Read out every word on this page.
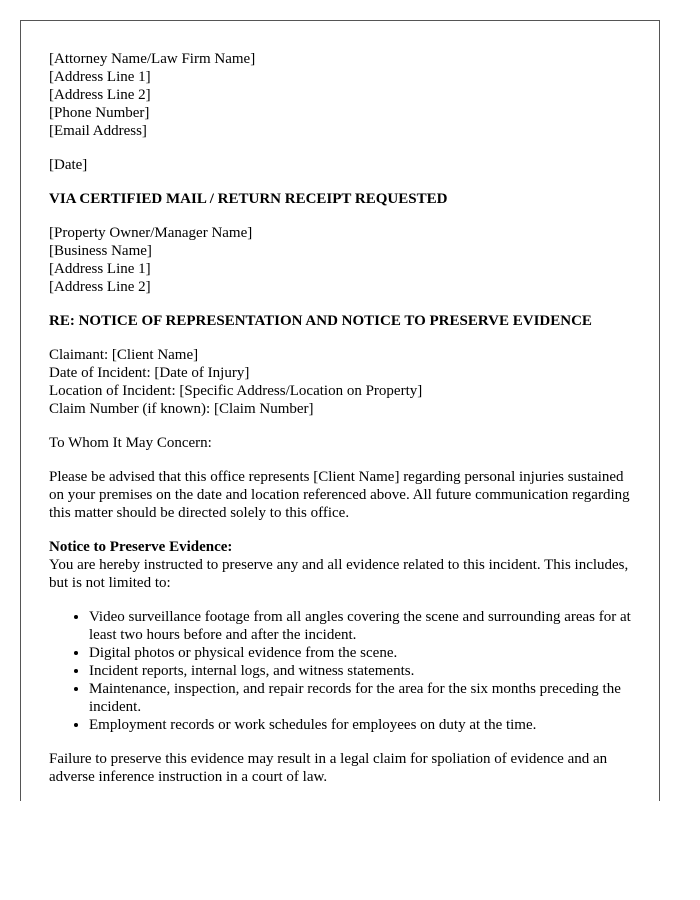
[Attorney Name/Law Firm Name]
[Address Line 1]
[Address Line 2]
[Phone Number]
[Email Address]

[Date]

VIA CERTIFIED MAIL / RETURN RECEIPT REQUESTED

[Property Owner/Manager Name]
[Business Name]
[Address Line 1]
[Address Line 2]

RE: NOTICE OF REPRESENTATION AND NOTICE TO PRESERVE EVIDENCE

Claimant: [Client Name]
Date of Incident: [Date of Injury]
Location of Incident: [Specific Address/Location on Property]
Claim Number (if known): [Claim Number]

To Whom It May Concern:

Please be advised that this office represents [Client Name] regarding personal injuries sustained on your premises on the date and location referenced above. All future communication regarding this matter should be directed solely to this office.

Notice to Preserve Evidence:

You are hereby instructed to preserve any and all evidence related to this incident. This includes, but is not limited to:

• Video surveillance footage from all angles covering the scene and surrounding areas for at least two hours before and after the incident.
• Digital photos or physical evidence from the scene.
• Incident reports, internal logs, and witness statements.
• Maintenance, inspection, and repair records for the area for the six months preceding the incident.
• Employment records or work schedules for employees on duty at the time.

Failure to preserve this evidence may result in a legal claim for spoliation of evidence and an adverse inference instruction in a court of law.
